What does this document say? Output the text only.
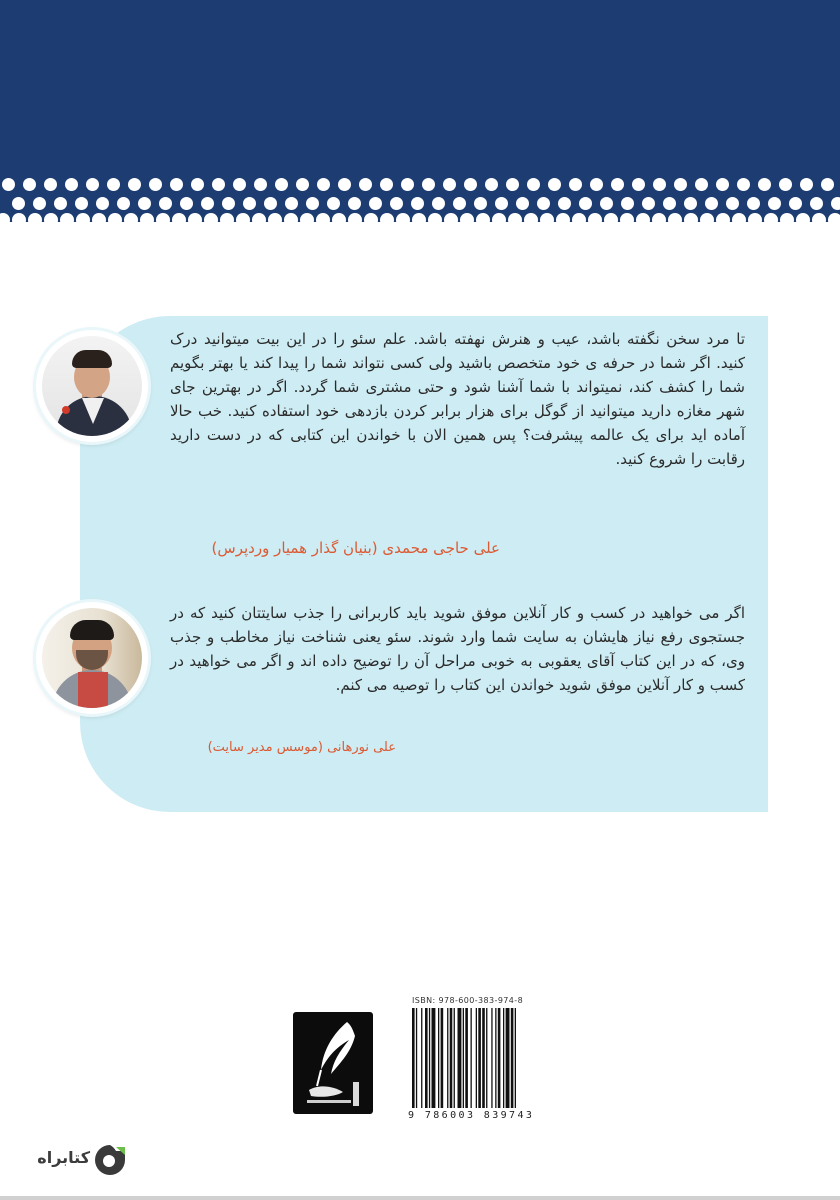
تا مرد سخن نگفته باشد، عیب و هنرش نهفته باشد. علم سئو را در این بیت میتوانید درک کنید. اگر شما در حرفه ی خود متخصص باشید ولی کسی نتواند شما را پیدا کند یا بهتر بگویم شما را کشف کند، نمیتواند با شما آشنا شود و حتی مشتری شما گردد. اگر در بهترین جای شهر مغازه دارید میتوانید از گوگل برای هزار برابر کردن بازدهی خود استفاده کنید. خب حالا آماده اید برای یک عالمه پیشرفت؟ پس همین الان با خواندن این کتابی که در دست دارید رقابت را شروع کنید.

علی حاجی محمدی (بنیان گذار همیار وردپرس)

اگر می خواهید در کسب و کار آنلاین موفق شوید باید کاربرانی را جذب سایتتان کنید که در جستجوی رفع نیاز هایشان به سایت شما وارد شوند. سئو یعنی شناخت نیاز مخاطب و جذب وی، که در این کتاب آقای یعقوبی به خوبی مراحل آن را توضیح داده اند و اگر می خواهید در کسب و کار آنلاین موفق شوید خواندن این کتاب را توصیه می کنم.

علی نورهانی (موسس مدیر سایت)

ISBN: 978-600-383-974-8

9 786003 839743

کتابراه
